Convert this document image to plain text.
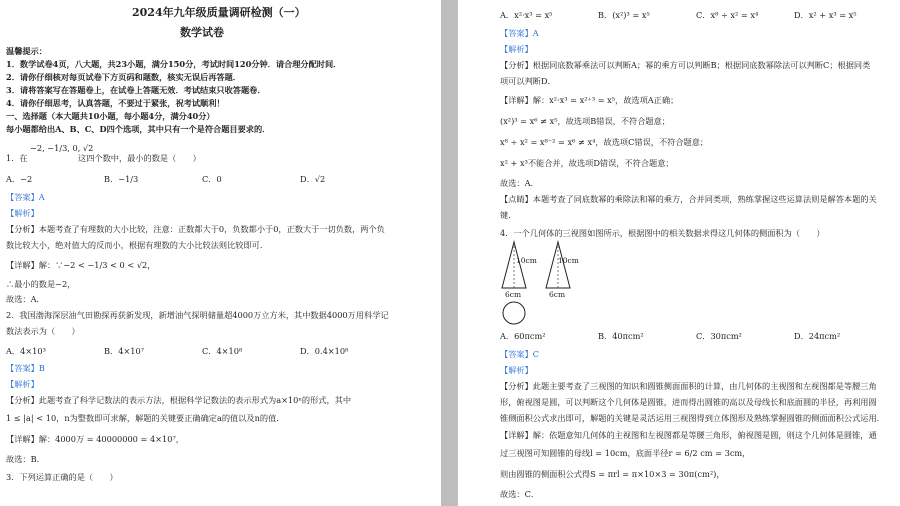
2024年九年级质量调研检测（一）
数学试卷
温馨提示：
1．数学试卷4页，八大题，共23小题，满分150分，考试时间120分钟．请合理分配时间．
2．请你仔细核对每页试卷下方页码和题数，核实无误后再答题．
3．请将答案写在答题卷上，在试卷上答题无效．考试结束只收答题卷．
4．请你仔细思考，认真答题，不要过于紧张，祝考试顺利！
一、选择题（本大题共10小题，每小题4分，满分40分）
每小题都给出A、B、C、D四个选项，其中只有一个是符合题目要求的．
1．在
−2, −1/3, 0, √2
这四个数中，最小的数是（　　）
A．−2	B．−1/3	C．0	D．√2
【答案】A
【解析】
【分析】本题考查了有理数的大小比较，注意：正数都大于0，负数都小于0，正数大于一切负数，两个负
数比较大小，绝对值大的反而小，根据有理数的大小比较法则比较即可．
【详解】解：∵−2 < −1/3 < 0 < √2，
∴最小的数是−2，
故选：A．
2．我国渤海深层油气田勘探再获新发现，新增油气探明储量超4000万立方米，其中数据4000万用科学记
数法表示为（　　）
A．4×10³	B．4×10⁷	C．4×10⁸	D．0.4×10⁸
【答案】B
【解析】
【分析】此题考查了科学记数法的表示方法，根据科学记数法的表示形式为a×10ⁿ的形式，其中
1 ≤ |a| < 10，n为整数即可求解，解题的关键要正确确定a的值以及n的值．
【详解】解：4000万 = 40000000 = 4×10⁷，
故选：B．
3．下列运算正确的是（　　）
A．x²·x³ = x⁵	B．(x²)³ = x⁵	C．x⁸ ÷ x² = x⁴	D．x² + x³ = x⁵
【答案】A
【解析】
【分析】根据同底数幂乘法可以判断A；幂的乘方可以判断B；根据同底数幂除法可以判断C；根据同类
项可以判断D．
【详解】解：x²·x³ = x²⁺³ = x⁵，故选项A正确；
(x²)³ = x⁶ ≠ x⁵，故选项B错误，不符合题意；
x⁸ ÷ x² = x⁸⁻² = x⁶ ≠ x⁴，故选项C错误，不符合题意；
x² + x³不能合并，故选项D错误，不符合题意；
故选：A．
【点睛】本题考查了同底数幂的乘除法和幂的乘方，合并同类项，熟练掌握这些运算法则是解答本题的关
键．
4．一个几何体的三视图如图所示，根据图中的相关数据求得这几何体的侧面积为（　　）
10cm	10cm
6cm	6cm
A．60πcm²	B．40πcm²	C．30πcm²	D．24πcm²
【答案】C
【解析】
【分析】此题主要考查了三视图的知识和圆锥侧面面积的计算，由几何体的主视图和左视图都是等腰三角
形，俯视图是圆，可以判断这个几何体是圆锥，进而得出圆锥的高以及母线长和底面圆的半径，再利用圆
锥侧面积公式求出即可，解题的关键是灵活运用三视图得到立体图形及熟练掌握圆锥的侧面面积公式运用．
【详解】解：依题意知几何体的主视图和左视图都是等腰三角形，俯视图是圆，则这个几何体是圆锥，通
过三视图可知圆锥的母线l = 10cm，底面半径r = 6/2 cm = 3cm，
则由圆锥的侧面积公式得S = πrl = π×10×3 = 30π(cm²)，
故选：C．
